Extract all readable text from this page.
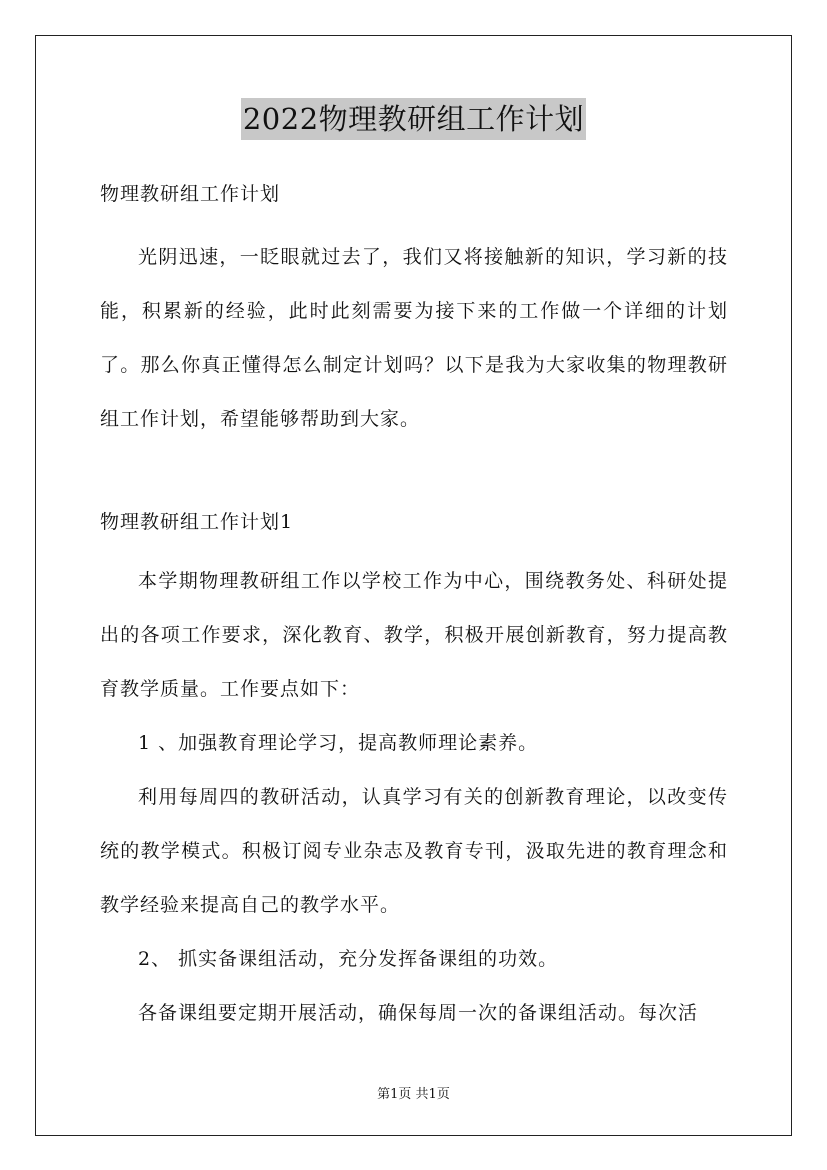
2022物理教研组工作计划

物理教研组工作计划

光阴迅速，一眨眼就过去了，我们又将接触新的知识，学习新的技能，积累新的经验，此时此刻需要为接下来的工作做一个详细的计划了。那么你真正懂得怎么制定计划吗？以下是我为大家收集的物理教研组工作计划，希望能够帮助到大家。

物理教研组工作计划1

本学期物理教研组工作以学校工作为中心，围绕教务处、科研处提出的各项工作要求，深化教育、教学，积极开展创新教育，努力提高教育教学质量。工作要点如下：

1 、加强教育理论学习，提高教师理论素养。

利用每周四的教研活动，认真学习有关的创新教育理论，以改变传统的教学模式。积极订阅专业杂志及教育专刊，汲取先进的教育理念和教学经验来提高自己的教学水平。

2、 抓实备课组活动，充分发挥备课组的功效。

各备课组要定期开展活动，确保每周一次的备课组活动。每次活

第1页 共1页
